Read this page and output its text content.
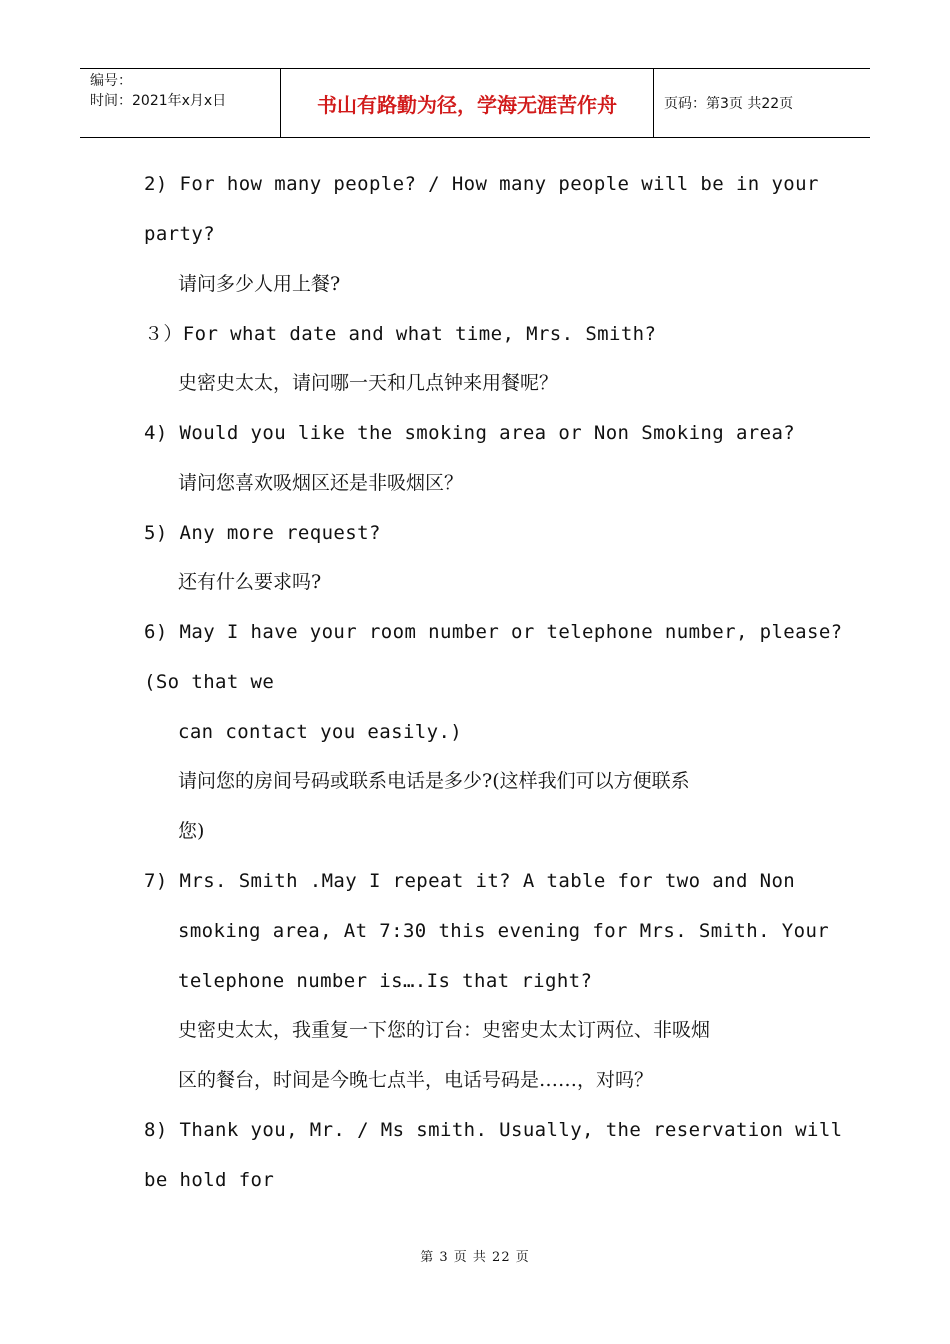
编号：
时间：2021年x月x日	书山有路勤为径，学海无涯苦作舟	页码：第3页 共22页
2) For how many people? / How many people will be in your
party?
请问多少人用上餐?
３）For what date and what time, Mrs. Smith?
史密史太太，请问哪一天和几点钟来用餐呢？
4) Would you like the smoking area or Non Smoking area?
请问您喜欢吸烟区还是非吸烟区？
5) Any more request?
还有什么要求吗?
6) May I have your room number or telephone number, please?
(So that we
can contact you easily.)
请问您的房间号码或联系电话是多少?(这样我们可以方便联系
您)
7) Mrs. Smith .May I repeat it? A table for two and Non
smoking area, At 7:30 this evening for Mrs. Smith. Your
telephone number is….Is that right?
史密史太太，我重复一下您的订台：史密史太太订两位、非吸烟
区的餐台，时间是今晚七点半，电话号码是……，对吗？
8) Thank you, Mr. / Ms smith. Usually, the reservation will
be hold for
第 3 页 共 22 页
